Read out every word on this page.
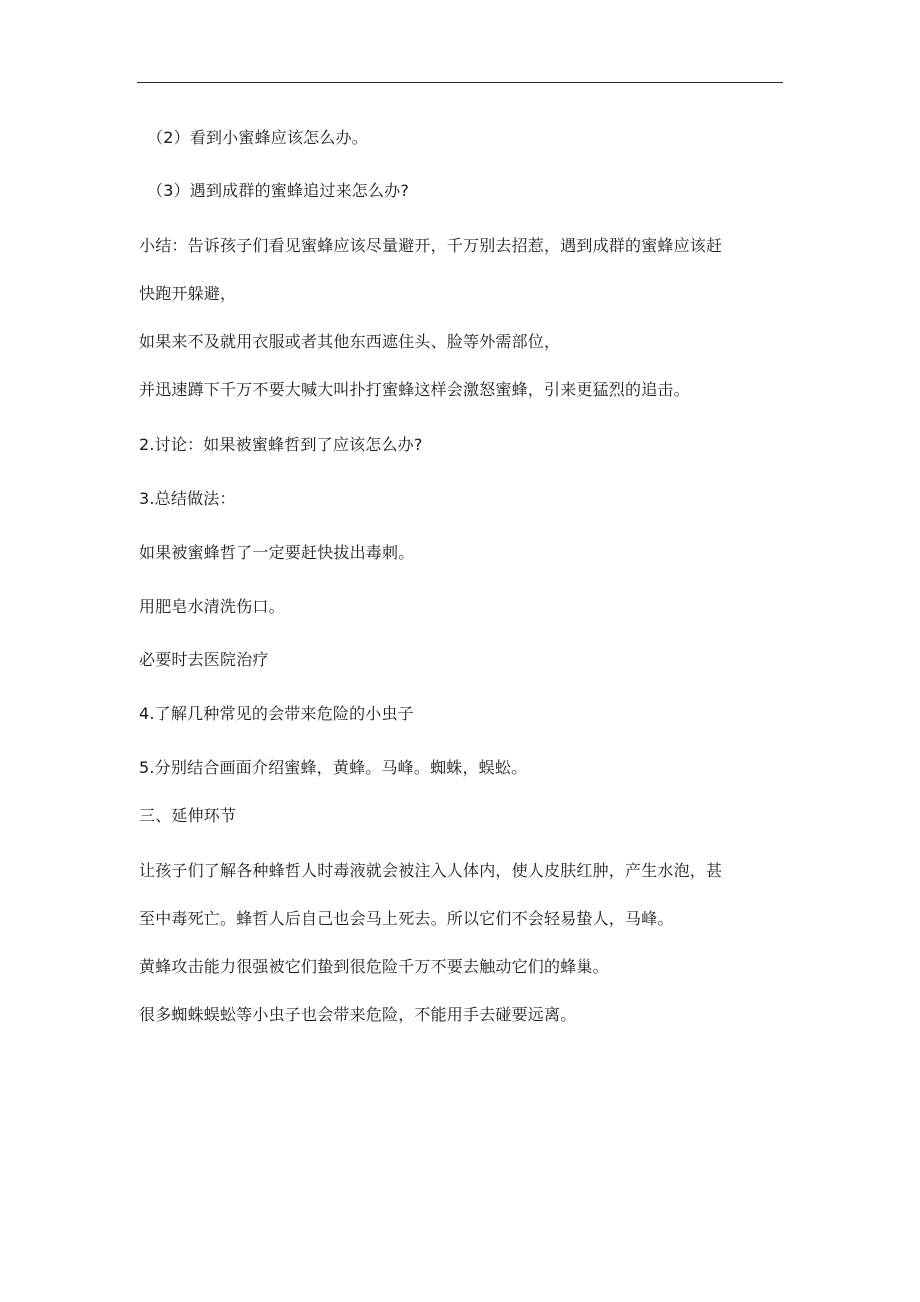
（2）看到小蜜蜂应该怎么办。
（3）遇到成群的蜜蜂追过来怎么办?
小结：告诉孩子们看见蜜蜂应该尽量避开，千万别去招惹，遇到成群的蜜蜂应该赶
快跑开躲避，
如果来不及就用衣服或者其他东西遮住头、脸等外需部位，
并迅速蹲下千万不要大喊大叫扑打蜜蜂这样会激怒蜜蜂，引来更猛烈的追击。
2.讨论：如果被蜜蜂哲到了应该怎么办?
3.总结做法：
如果被蜜蜂哲了一定要赶快拔出毒刺。
用肥皂水清洗伤口。
必要时去医院治疗
4.了解几种常见的会带来危险的小虫子
5.分别结合画面介绍蜜蜂，黄蜂。马峰。蜘蛛，蜈蚣。
三、延伸环节
让孩子们了解各种蜂哲人时毒液就会被注入人体内，使人皮肤红肿，产生水泡，甚
至中毒死亡。蜂哲人后自己也会马上死去。所以它们不会轻易蛰人，马峰。
黄蜂攻击能力很强被它们蛰到很危险千万不要去触动它们的蜂巢。
很多蜘蛛蜈蚣等小虫子也会带来危险，不能用手去碰要远离。
